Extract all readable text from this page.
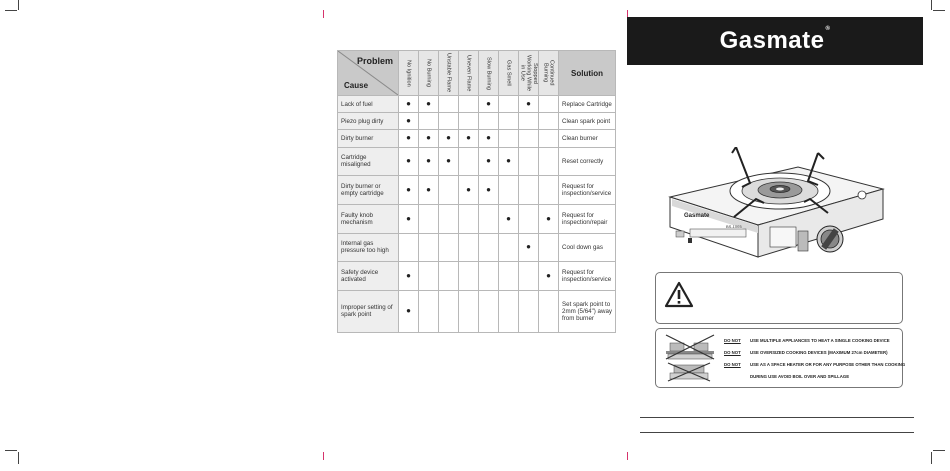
Problem
Cause	No Ignition	No Burning	Unstable Flame	Uneven Flame	Slow Burning	Gas Smell	Stopped Working While in Use	Continued Burning	Solution
Lack of fuel	●	●			●		●		Replace Cartridge
Piezo plug dirty	●								Clean spark point
Dirty burner	●	●	●	●	●				Clean burner
Cartridge misaligned	●	●	●		●	●			Reset correctly
Dirty burner or empty cartridge	●	●		●	●				Request for inspection/service
Faulty knob mechanism	●					●		●	Request for inspection/repair
Internal gas pressure too high							●		Cool down gas
Safety device activated	●							●	Request for inspection/service
Improper setting of spark point	●								Set spark point to 2mm (5/64") away from burner
Gasmate®
Gasmate
BS-1003
DO NOT USE MULTIPLE APPLIANCES TO HEAT A SINGLE COOKING DEVICE
DO NOT USE OVERSIZED COOKING DEVICES (MAXIMUM 27cm DIAMETER)
DO NOT USE AS A SPACE HEATER OR FOR ANY PURPOSE OTHER THAN COOKING
DURING USE AVOID BOIL OVER AND SPILLAGE
